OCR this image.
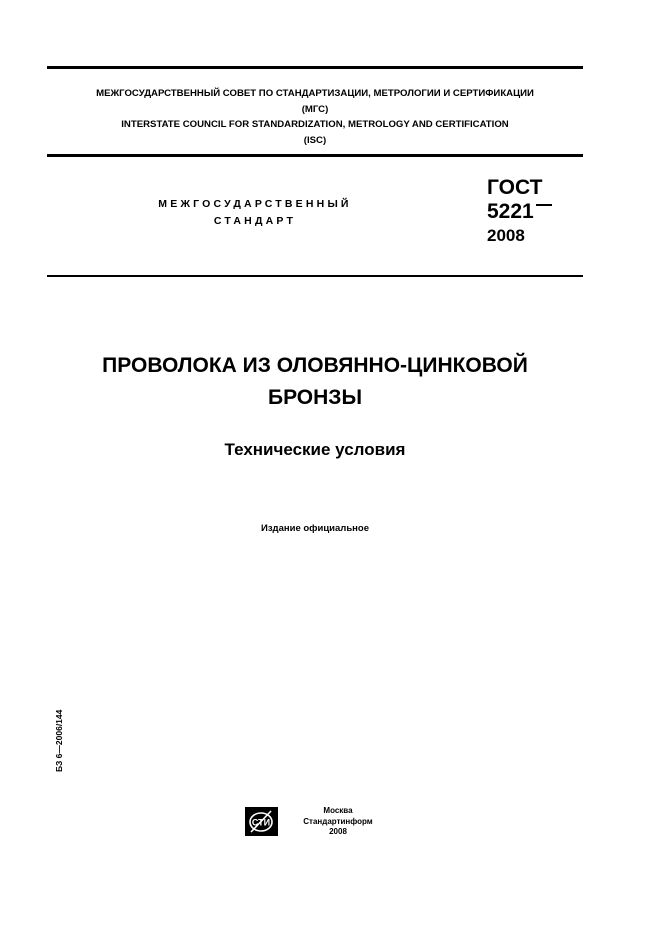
МЕЖГОСУДАРСТВЕННЫЙ СОВЕТ ПО СТАНДАРТИЗАЦИИ, МЕТРОЛОГИИ И СЕРТИФИКАЦИИ
(МГС)
INTERSTATE COUNCIL FOR STANDARDIZATION, METROLOGY AND CERTIFICATION
(ISC)
МЕЖГОСУДАРСТВЕННЫЙ
СТАНДАРТ
ГОСТ
5221
2008
ПРОВОЛОКА ИЗ ОЛОВЯННО-ЦИНКОВОЙ
БРОНЗЫ
Технические условия
Издание официальное
БЗ 6—2006/144
СТИ
Москва
Стандартинформ
2008
